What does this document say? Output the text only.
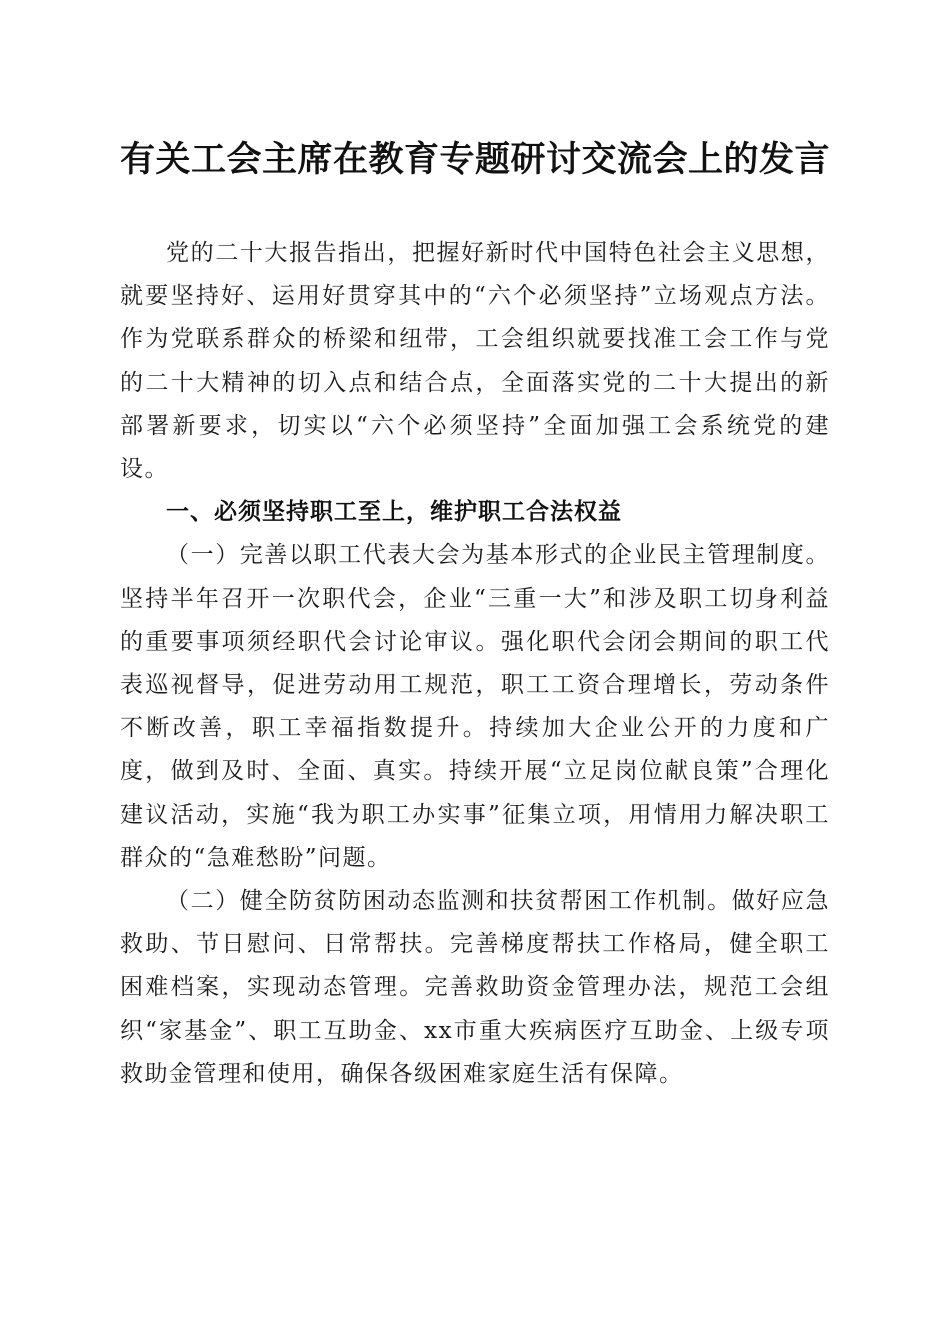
有关工会主席在教育专题研讨交流会上的发言

党的二十大报告指出，把握好新时代中国特色社会主义思想，就要坚持好、运用好贯穿其中的“六个必须坚持”立场观点方法。作为党联系群众的桥梁和纽带，工会组织就要找准工会工作与党的二十大精神的切入点和结合点，全面落实党的二十大提出的新部署新要求，切实以“六个必须坚持”全面加强工会系统党的建设。

一、必须坚持职工至上，维护职工合法权益

（一）完善以职工代表大会为基本形式的企业民主管理制度。坚持半年召开一次职代会，企业“三重一大”和涉及职工切身利益的重要事项须经职代会讨论审议。强化职代会闭会期间的职工代表巡视督导，促进劳动用工规范，职工工资合理增长，劳动条件不断改善，职工幸福指数提升。持续加大企业公开的力度和广度，做到及时、全面、真实。持续开展“立足岗位献良策”合理化建议活动，实施“我为职工办实事”征集立项，用情用力解决职工群众的“急难愁盼”问题。

（二）健全防贫防困动态监测和扶贫帮困工作机制。做好应急救助、节日慰问、日常帮扶。完善梯度帮扶工作格局，健全职工困难档案，实现动态管理。完善救助资金管理办法，规范工会组织“家基金”、职工互助金、xx市重大疾病医疗互助金、上级专项救助金管理和使用，确保各级困难家庭生活有保障。
